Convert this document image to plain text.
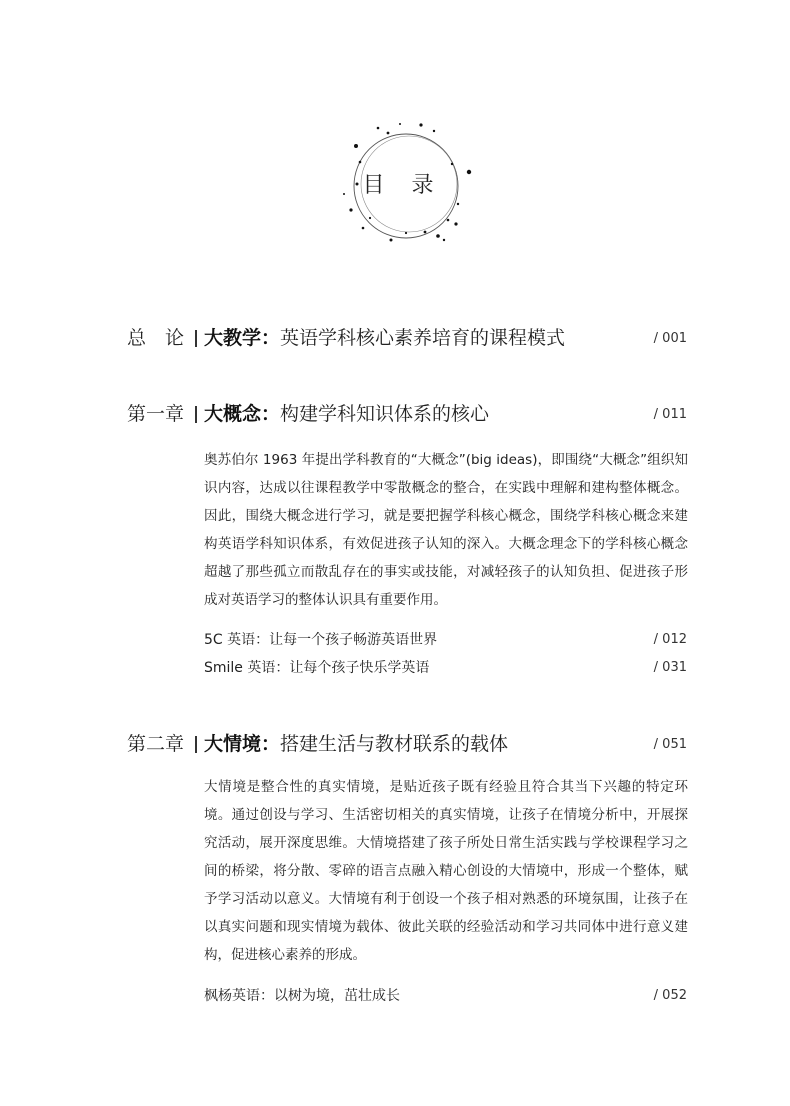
目 录
总　论 大教学：英语学科核心素养培育的课程模式	/ 001
第一章 大概念：构建学科知识体系的核心	/ 011

奥苏伯尔 1963 年提出学科教育的“大概念”(big ideas)，即围绕“大概念”组织知识内容，达成以往课程教学中零散概念的整合，在实践中理解和建构整体概念。因此，围绕大概念进行学习，就是要把握学科核心概念，围绕学科核心概念来建构英语学科知识体系，有效促进孩子认知的深入。大概念理念下的学科核心概念超越了那些孤立而散乱存在的事实或技能，对减轻孩子的认知负担、促进孩子形成对英语学习的整体认识具有重要作用。

5C 英语：让每一个孩子畅游英语世界	/ 012
Smile 英语：让每个孩子快乐学英语	/ 031
第二章 大情境：搭建生活与教材联系的载体	/ 051

大情境是整合性的真实情境，是贴近孩子既有经验且符合其当下兴趣的特定环境。通过创设与学习、生活密切相关的真实情境，让孩子在情境分析中，开展探究活动，展开深度思维。大情境搭建了孩子所处日常生活实践与学校课程学习之间的桥梁，将分散、零碎的语言点融入精心创设的大情境中，形成一个整体，赋予学习活动以意义。大情境有利于创设一个孩子相对熟悉的环境氛围，让孩子在以真实问题和现实情境为载体、彼此关联的经验活动和学习共同体中进行意义建构，促进核心素养的形成。

枫杨英语：以树为境，茁壮成长	/ 052
